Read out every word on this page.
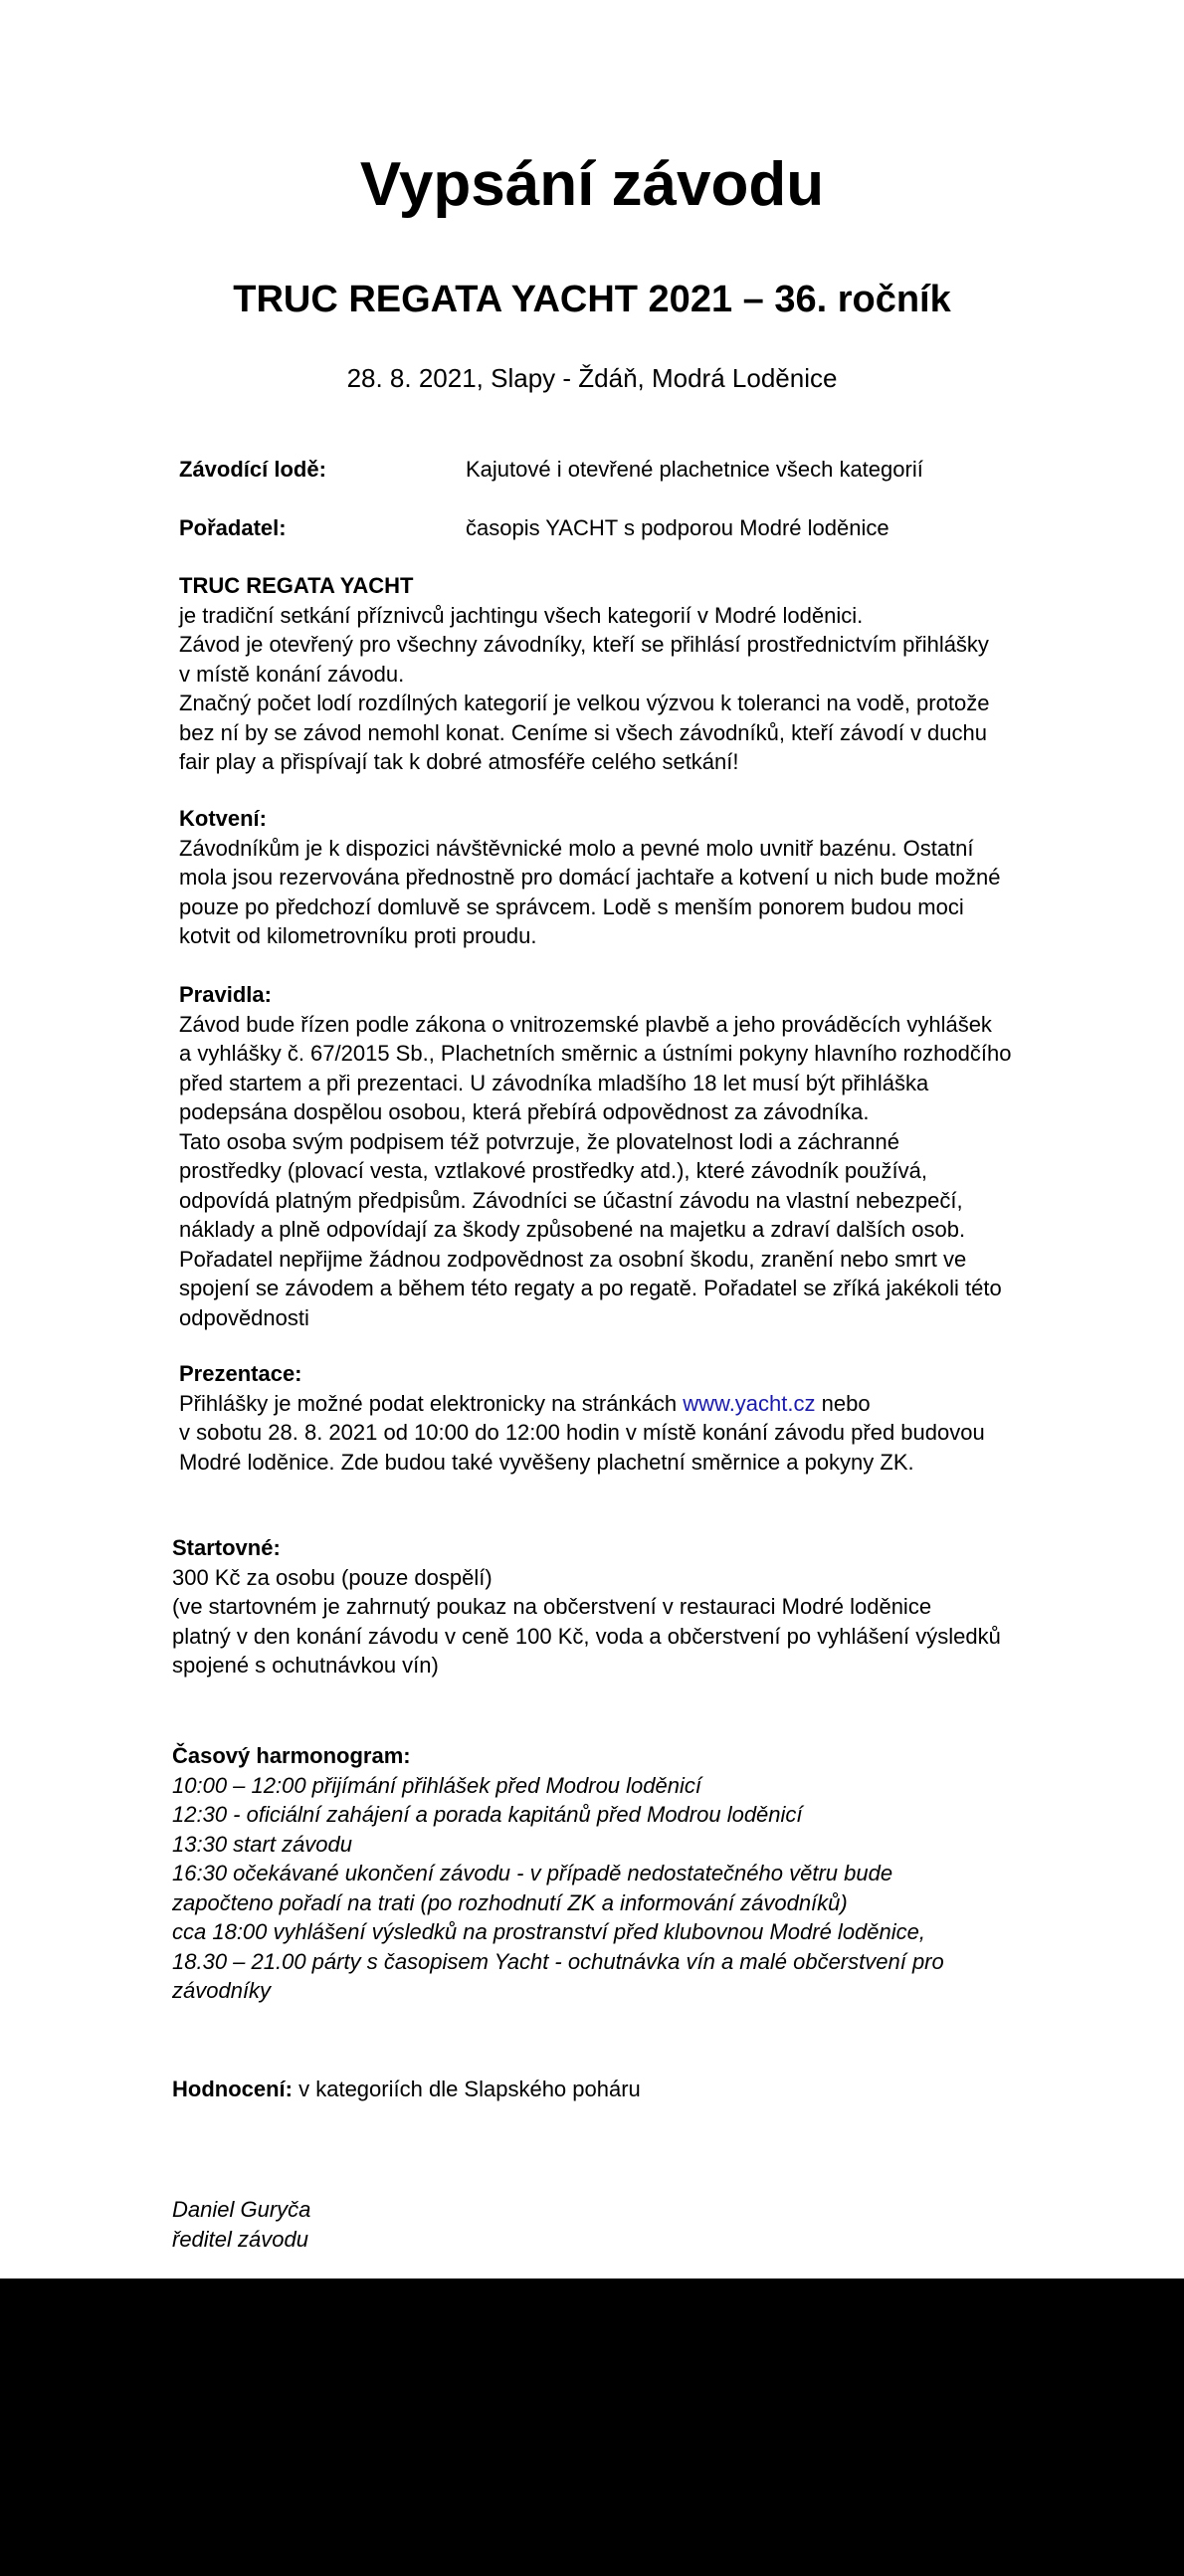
Vypsání závodu
TRUC REGATA YACHT 2021 – 36. ročník

28. 8. 2021, Slapy - Ždáň, Modrá Loděnice

Závodící lodě:	Kajutové i otevřené plachetnice všech kategorií
Pořadatel:	časopis YACHT s podporou Modré loděnice

TRUC REGATA YACHT

je tradiční setkání příznivců jachtingu všech kategorií v Modré loděnici.

Závod je otevřený pro všechny závodníky, kteří se přihlásí prostřednictvím přihlášky

v místě konání závodu.

Značný počet lodí rozdílných kategorií je velkou výzvou k toleranci na vodě, protože

bez ní by se závod nemohl konat. Ceníme si všech závodníků, kteří závodí v duchu

fair play a přispívají tak k dobré atmosféře celého setkání!

Kotvení:

Závodníkům je k dispozici návštěvnické molo a pevné molo uvnitř bazénu. Ostatní

mola jsou rezervována přednostně pro domácí jachtaře a kotvení u nich bude možné

pouze po předchozí domluvě se správcem. Lodě s menším ponorem budou moci

kotvit od kilometrovníku proti proudu.

Pravidla:

Závod bude řízen podle zákona o vnitrozemské plavbě a jeho prováděcích vyhlášek

a vyhlášky č. 67/2015 Sb., Plachetních směrnic a ústními pokyny hlavního rozhodčího

před startem a při prezentaci. U závodníka mladšího 18 let musí být přihláška

podepsána dospělou osobou, která přebírá odpovědnost za závodníka.

Tato osoba svým podpisem též potvrzuje, že plovatelnost lodi a záchranné

prostředky (plovací vesta, vztlakové prostředky atd.), které závodník používá,

odpovídá platným předpisům. Závodníci se účastní závodu na vlastní nebezpečí,

náklady a plně odpovídají za škody způsobené na majetku a zdraví dalších osob.

Pořadatel nepřijme žádnou zodpovědnost za osobní škodu, zranění nebo smrt ve

spojení se závodem a během této regaty a po regatě. Pořadatel se zříká jakékoli této

odpovědnosti

Prezentace:

Přihlášky je možné podat elektronicky na stránkách www.yacht.cz nebo

v sobotu 28. 8. 2021 od 10:00 do 12:00 hodin v místě konání závodu před budovou

Modré loděnice. Zde budou také vyvěšeny plachetní směrnice a pokyny ZK.

Startovné:

300 Kč za osobu (pouze dospělí)

(ve startovném je zahrnutý poukaz na občerstvení v restauraci Modré loděnice

platný v den konání závodu v ceně 100 Kč, voda a občerstvení po vyhlášení výsledků

spojené s ochutnávkou vín)

Časový harmonogram:

10:00 – 12:00 přijímání přihlášek před Modrou loděnicí

12:30 - oficiální zahájení a porada kapitánů před Modrou loděnicí

13:30 start závodu

16:30 očekávané ukončení závodu - v případě nedostatečného větru bude

započteno pořadí na trati (po rozhodnutí ZK a informování závodníků)

cca 18:00 vyhlášení výsledků na prostranství před klubovnou Modré loděnice,

18.30 – 21.00 párty s časopisem Yacht - ochutnávka vín a malé občerstvení pro

závodníky

Hodnocení: v kategoriích dle Slapského poháru

Daniel Guryča

ředitel závodu
